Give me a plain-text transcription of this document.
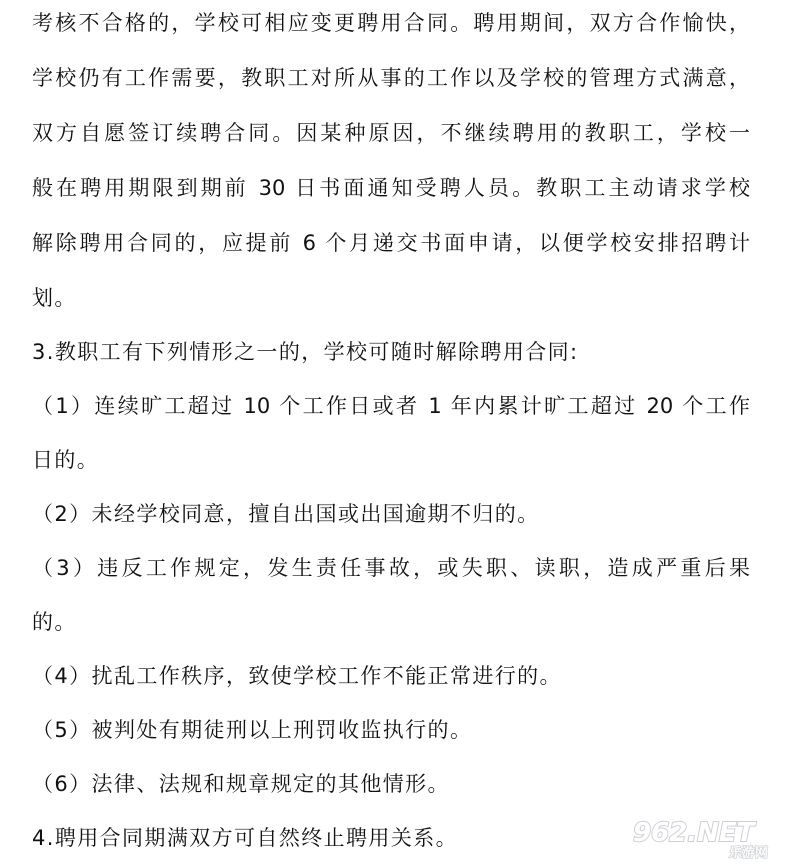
考核不合格的，学校可相应变更聘用合同。聘用期间，双方合作愉快，
学校仍有工作需要，教职工对所从事的工作以及学校的管理方式满意，
双方自愿签订续聘合同。因某种原因，不继续聘用的教职工，学校一
般在聘用期限到期前 30 日书面通知受聘人员。教职工主动请求学校
解除聘用合同的，应提前 6 个月递交书面申请，以便学校安排招聘计
划。
3.教职工有下列情形之一的，学校可随时解除聘用合同:
（1）连续旷工超过 10 个工作日或者 1 年内累计旷工超过 20 个工作
日的。
（2）未经学校同意，擅自出国或出国逾期不归的。
（3）违反工作规定，发生责任事故，或失职、读职，造成严重后果
的。
（4）扰乱工作秩序，致使学校工作不能正常进行的。
（5）被判处有期徒刑以上刑罚收监执行的。
（6）法律、法规和规章规定的其他情形。
4.聘用合同期满双方可自然终止聘用关系。	962.NET
乐游网
